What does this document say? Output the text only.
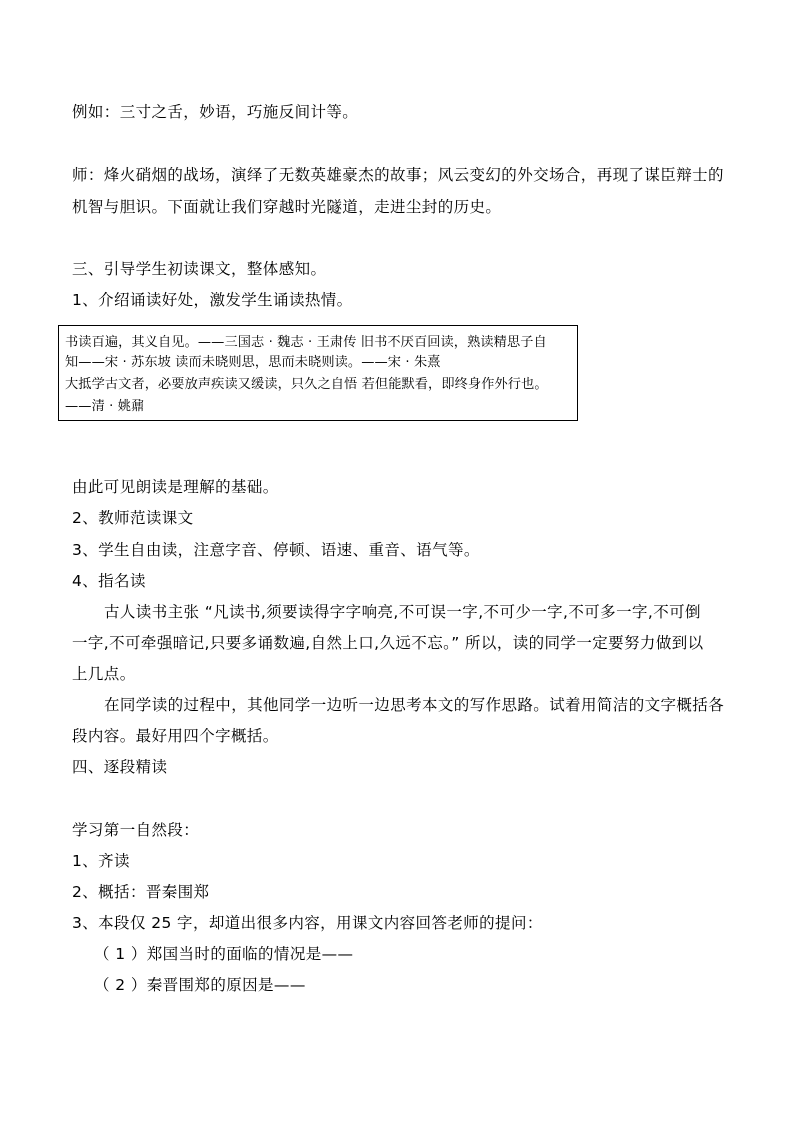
例如：三寸之舌，妙语，巧施反间计等。
师：烽火硝烟的战场，演绎了无数英雄豪杰的故事；风云变幻的外交场合，再现了谋臣辩士的
机智与胆识。下面就让我们穿越时光隧道，走进尘封的历史。
三、引导学生初读课文，整体感知。
1、介绍诵读好处，激发学生诵读热情。
书读百遍，其义自见。——三国志 · 魏志 · 王肃传 旧书不厌百回读，熟读精思子自
知——宋 · 苏东坡 读而未晓则思，思而未晓则读。——宋 · 朱熹
大抵学古文者，必要放声疾读又缓读，只久之自悟 若但能默看，即终身作外行也。
——清 · 姚鼐
由此可见朗读是理解的基础。
2、教师范读课文
3、学生自由读，注意字音、停顿、语速、重音、语气等。
4、指名读
古人读书主张 “凡读书,须要读得字字响亮,不可误一字,不可少一字,不可多一字,不可倒
一字,不可牵强暗记,只要多诵数遍,自然上口,久远不忘。” 所以，读的同学一定要努力做到以
上几点。
在同学读的过程中，其他同学一边听一边思考本文的写作思路。试着用简洁的文字概括各
段内容。最好用四个字概括。
四、逐段精读
学习第一自然段：
1、齐读
2、概括：晋秦围郑
3、本段仅 25 字，却道出很多内容，用课文内容回答老师的提问：
（ 1 ）郑国当时的面临的情况是——
（ 2 ）秦晋围郑的原因是——
